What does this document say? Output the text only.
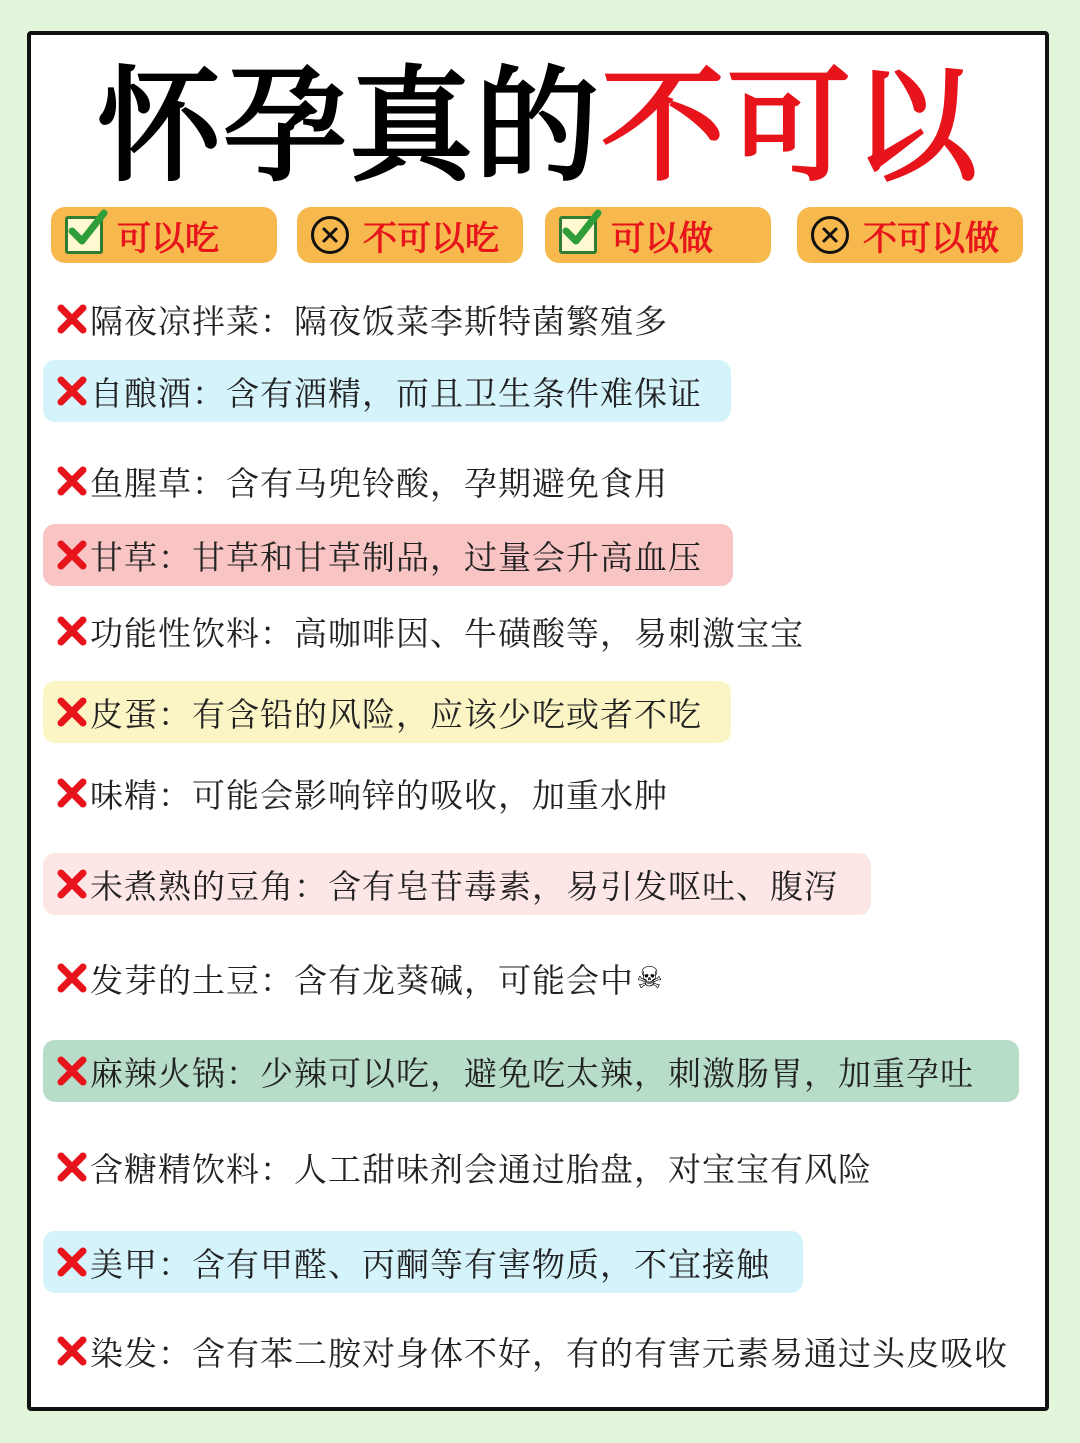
怀孕真的不可以
可以吃	不可以吃	可以做	不可以做
隔夜凉拌菜：隔夜饭菜李斯特菌繁殖多
自酿酒：含有酒精，而且卫生条件难保证
鱼腥草：含有马兜铃酸，孕期避免食用
甘草：甘草和甘草制品，过量会升高血压
功能性饮料：高咖啡因、牛磺酸等，易刺激宝宝
皮蛋：有含铅的风险，应该少吃或者不吃
味精：可能会影响锌的吸收，加重水肿
未煮熟的豆角：含有皂苷毒素，易引发呕吐、腹泻
发芽的土豆：含有龙葵碱，可能会中 ☠
麻辣火锅：少辣可以吃，避免吃太辣，刺激肠胃，加重孕吐
含糖精饮料：人工甜味剂会通过胎盘，对宝宝有风险
美甲：含有甲醛、丙酮等有害物质，不宜接触
染发：含有苯二胺对身体不好，有的有害元素易通过头皮吸收
